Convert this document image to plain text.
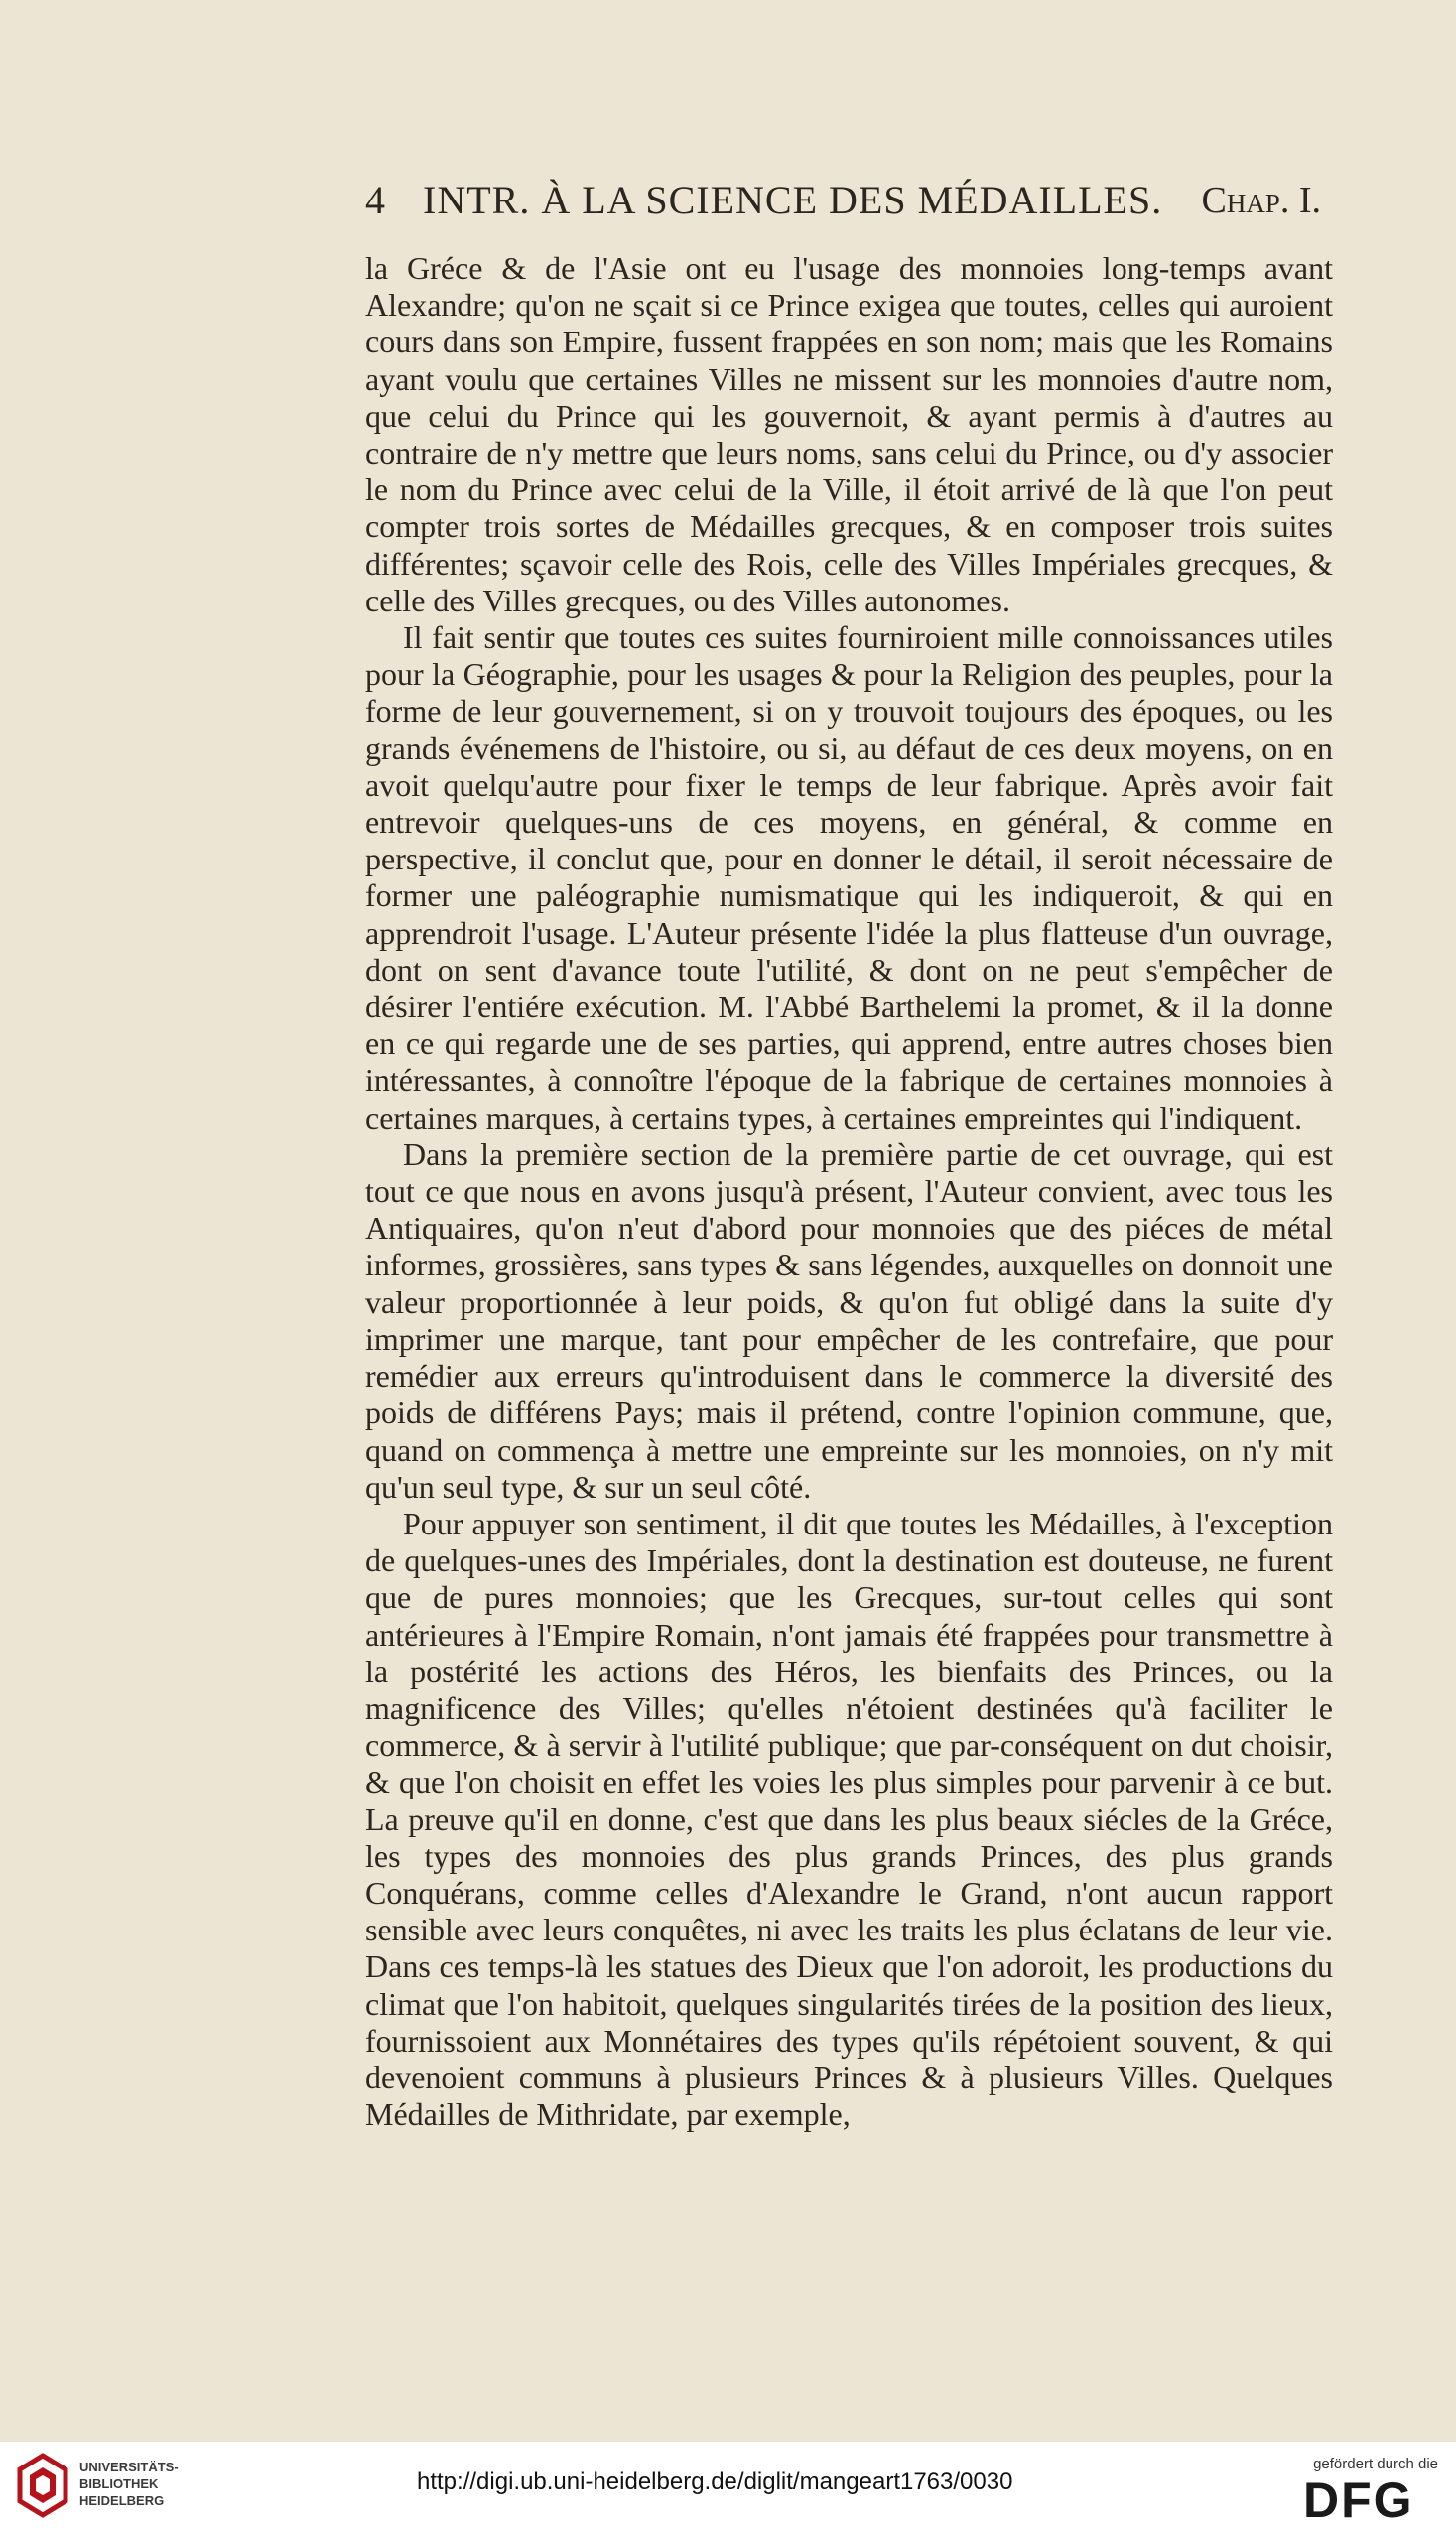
4 INTR. À LA SCIENCE DES MÉDAILLES. Chap. I.

la Gréce & de l'Asie ont eu l'usage des monnoies long-temps avant Alexandre; qu'on ne sçait si ce Prince exigea que toutes, celles qui auroient cours dans son Empire, fussent frappées en son nom; mais que les Romains ayant voulu que certaines Villes ne missent sur les monnoies d'autre nom, que celui du Prince qui les gouvernoit, & ayant permis à d'autres au contraire de n'y mettre que leurs noms, sans celui du Prince, ou d'y associer le nom du Prince avec celui de la Ville, il étoit arrivé de là que l'on peut compter trois sortes de Médailles grecques, & en composer trois suites différentes; sçavoir celle des Rois, celle des Villes Impériales grecques, & celle des Villes grecques, ou des Villes autonomes.

Il fait sentir que toutes ces suites fourniroient mille connoissances utiles pour la Géographie, pour les usages & pour la Religion des peuples, pour la forme de leur gouvernement, si on y trouvoit toujours des époques, ou les grands événemens de l'histoire, ou si, au défaut de ces deux moyens, on en avoit quelqu'autre pour fixer le temps de leur fabrique. Après avoir fait entrevoir quelques-uns de ces moyens, en général, & comme en perspective, il conclut que, pour en donner le détail, il seroit nécessaire de former une paléographie numismatique qui les indiqueroit, & qui en apprendroit l'usage. L'Auteur présente l'idée la plus flatteuse d'un ouvrage, dont on sent d'avance toute l'utilité, & dont on ne peut s'empêcher de désirer l'entiére exécution. M. l'Abbé Barthelemi la promet, & il la donne en ce qui regarde une de ses parties, qui apprend, entre autres choses bien intéressantes, à connoître l'époque de la fabrique de certaines monnoies à certaines marques, à certains types, à certaines empreintes qui l'indiquent.

Dans la première section de la première partie de cet ouvrage, qui est tout ce que nous en avons jusqu'à présent, l'Auteur convient, avec tous les Antiquaires, qu'on n'eut d'abord pour monnoies que des piéces de métal informes, grossières, sans types & sans légendes, auxquelles on donnoit une valeur proportionnée à leur poids, & qu'on fut obligé dans la suite d'y imprimer une marque, tant pour empêcher de les contrefaire, que pour remédier aux erreurs qu'introduisent dans le commerce la diversité des poids de différens Pays; mais il prétend, contre l'opinion commune, que, quand on commença à mettre une empreinte sur les monnoies, on n'y mit qu'un seul type, & sur un seul côté.

Pour appuyer son sentiment, il dit que toutes les Médailles, à l'exception de quelques-unes des Impériales, dont la destination est douteuse, ne furent que de pures monnoies; que les Grecques, sur-tout celles qui sont antérieures à l'Empire Romain, n'ont jamais été frappées pour transmettre à la postérité les actions des Héros, les bienfaits des Princes, ou la magnificence des Villes; qu'elles n'étoient destinées qu'à faciliter le commerce, & à servir à l'utilité publique; que par-conséquent on dut choisir, & que l'on choisit en effet les voies les plus simples pour parvenir à ce but. La preuve qu'il en donne, c'est que dans les plus beaux siécles de la Gréce, les types des monnoies des plus grands Princes, des plus grands Conquérans, comme celles d'Alexandre le Grand, n'ont aucun rapport sensible avec leurs conquêtes, ni avec les traits les plus éclatans de leur vie. Dans ces temps-là les statues des Dieux que l'on adoroit, les productions du climat que l'on habitoit, quelques singularités tirées de la position des lieux, fournissoient aux Monnétaires des types qu'ils répétoient souvent, & qui devenoient communs à plusieurs Princes & à plusieurs Villes. Quelques Médailles de Mithridate, par exemple,

UNIVERSITÄTS-
BIBLIOTHEK
HEIDELBERG
http://digi.ub.uni-heidelberg.de/diglit/mangeart1763/0030
gefördert durch die
DFG
